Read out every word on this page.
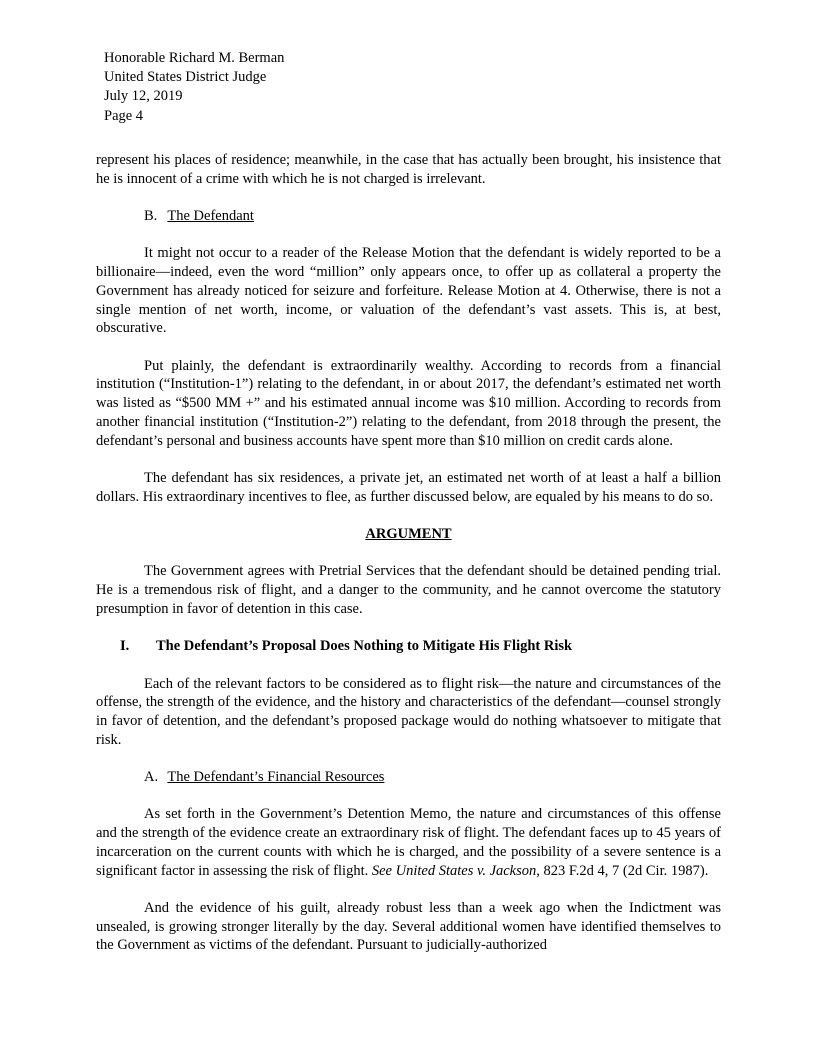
Honorable Richard M. Berman
United States District Judge
July 12, 2019
Page 4

represent his places of residence; meanwhile, in the case that has actually been brought, his insistence that he is innocent of a crime with which he is not charged is irrelevant.

B. The Defendant

It might not occur to a reader of the Release Motion that the defendant is widely reported to be a billionaire—indeed, even the word “million” only appears once, to offer up as collateral a property the Government has already noticed for seizure and forfeiture. Release Motion at 4. Otherwise, there is not a single mention of net worth, income, or valuation of the defendant’s vast assets. This is, at best, obscurative.

Put plainly, the defendant is extraordinarily wealthy. According to records from a financial institution (“Institution-1”) relating to the defendant, in or about 2017, the defendant’s estimated net worth was listed as “$500 MM +” and his estimated annual income was $10 million. According to records from another financial institution (“Institution-2”) relating to the defendant, from 2018 through the present, the defendant’s personal and business accounts have spent more than $10 million on credit cards alone.

The defendant has six residences, a private jet, an estimated net worth of at least a half a billion dollars. His extraordinary incentives to flee, as further discussed below, are equaled by his means to do so.

ARGUMENT

The Government agrees with Pretrial Services that the defendant should be detained pending trial. He is a tremendous risk of flight, and a danger to the community, and he cannot overcome the statutory presumption in favor of detention in this case.

I. The Defendant’s Proposal Does Nothing to Mitigate His Flight Risk

Each of the relevant factors to be considered as to flight risk—the nature and circumstances of the offense, the strength of the evidence, and the history and characteristics of the defendant—counsel strongly in favor of detention, and the defendant’s proposed package would do nothing whatsoever to mitigate that risk.

A. The Defendant’s Financial Resources

As set forth in the Government’s Detention Memo, the nature and circumstances of this offense and the strength of the evidence create an extraordinary risk of flight. The defendant faces up to 45 years of incarceration on the current counts with which he is charged, and the possibility of a severe sentence is a significant factor in assessing the risk of flight. See United States v. Jackson, 823 F.2d 4, 7 (2d Cir. 1987).

And the evidence of his guilt, already robust less than a week ago when the Indictment was unsealed, is growing stronger literally by the day. Several additional women have identified themselves to the Government as victims of the defendant. Pursuant to judicially-authorized
